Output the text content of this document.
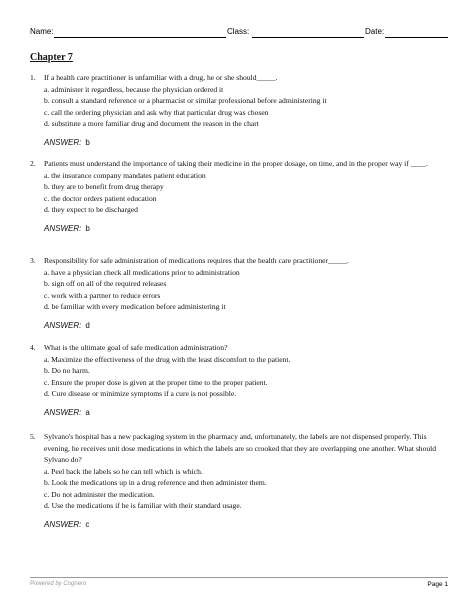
Name:	Class:	Date:
Chapter 7
1.	If a health care practitioner is unfamiliar with a drug, he or she should_____.
a. administer it regardless, because the physician ordered it
b. consult a standard reference or a pharmacist or similar professional before administering it
c. call the ordering physician and ask why that particular drug was chosen
d. substitute a more familiar drug and document the reason in the chart
ANSWER: b
2.	Patients must understand the importance of taking their medicine in the proper dosage, on time, and in the proper way if ____.
a. the insurance company mandates patient education
b. they are to benefit from drug therapy
c. the doctor orders patient education
d. they expect to be discharged
ANSWER: b
3.	Responsibility for safe administration of medications requires that the health care practitioner_____.
a. have a physician check all medications prior to administration
b. sign off on all of the required releases
c. work with a partner to reduce errors
d. be familiar with every medication before administering it
ANSWER: d
4.	What is the ultimate goal of safe medication administration?
a. Maximize the effectiveness of the drug with the least discomfort to the patient.
b. Do no harm.
c. Ensure the proper dose is given at the proper time to the proper patient.
d. Cure disease or minimize symptoms if a cure is not possible.
ANSWER: a
5.	Sylvano's hospital has a new packaging system in the pharmacy and, unfortunately, the labels are not dispensed properly. This evening, he receives unit dose medications in which the labels are so crooked that they are overlapping one another. What should Sylvano do?
a. Peel back the labels so he can tell which is which.
b. Look the medications up in a drug reference and then administer them.
c. Do not administer the medication.
d. Use the medications if he is familiar with their standard usage.
ANSWER: c
Powered by Cognero	Page 1
